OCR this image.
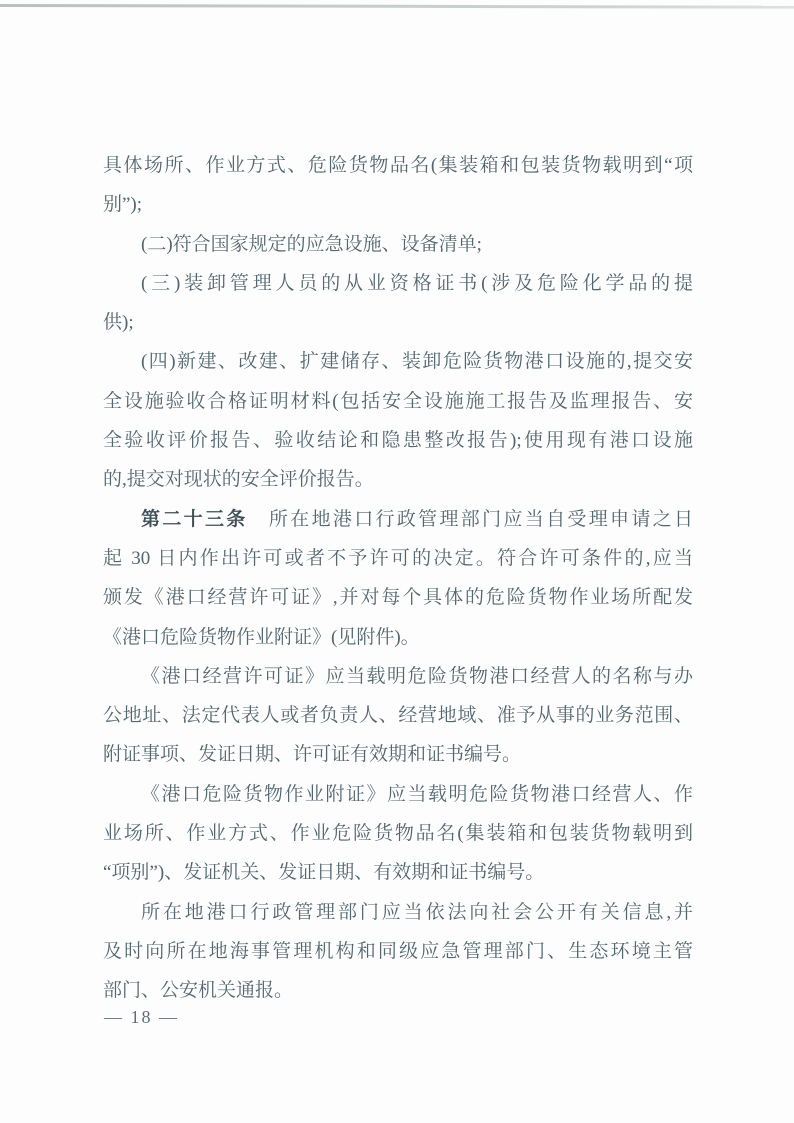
具体场所、作业方式、危险货物品名(集装箱和包装货物载明到“项
别”);
(二)符合国家规定的应急设施、设备清单;
(三)装卸管理人员的从业资格证书(涉及危险化学品的提
供);
(四)新建、改建、扩建储存、装卸危险货物港口设施的,提交安
全设施验收合格证明材料(包括安全设施施工报告及监理报告、安
全验收评价报告、验收结论和隐患整改报告);使用现有港口设施
的,提交对现状的安全评价报告。
第二十三条　所在地港口行政管理部门应当自受理申请之日
起 30 日内作出许可或者不予许可的决定。符合许可条件的,应当
颁发《港口经营许可证》,并对每个具体的危险货物作业场所配发
《港口危险货物作业附证》(见附件)。
《港口经营许可证》应当载明危险货物港口经营人的名称与办
公地址、法定代表人或者负责人、经营地域、准予从事的业务范围、
附证事项、发证日期、许可证有效期和证书编号。
《港口危险货物作业附证》应当载明危险货物港口经营人、作
业场所、作业方式、作业危险货物品名(集装箱和包装货物载明到
“项别”)、发证机关、发证日期、有效期和证书编号。
所在地港口行政管理部门应当依法向社会公开有关信息,并
及时向所在地海事管理机构和同级应急管理部门、生态环境主管
部门、公安机关通报。
— 18 —
